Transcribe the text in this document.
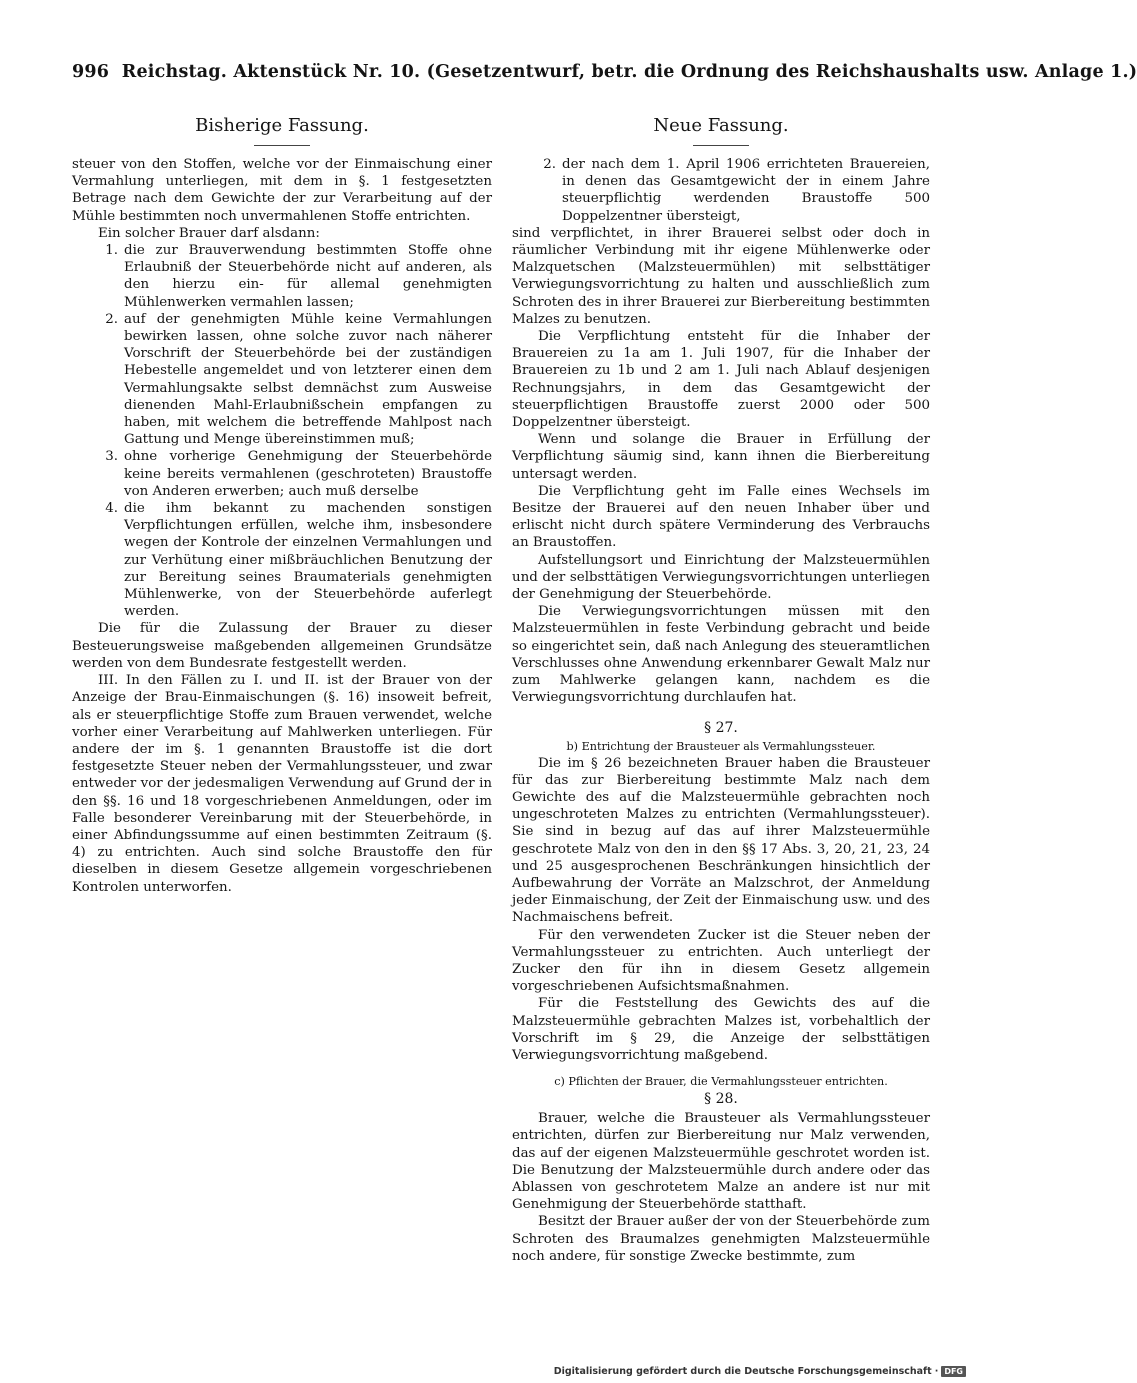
996 Reichstag. Aktenstück Nr. 10. (Gesetzentwurf, betr. die Ordnung des Reichshaushalts usw. Anlage 1.)
Bisherige Fassung.

steuer von den Stoffen, welche vor der Einmaischung einer Vermahlung unterliegen, mit dem in §. 1 festgesetzten Betrage nach dem Gewichte der zur Verarbeitung auf der Mühle bestimmten noch unvermahlenen Stoffe entrichten.

Ein solcher Brauer darf alsdann:

1. die zur Brauverwendung bestimmten Stoffe ohne Erlaubniß der Steuerbehörde nicht auf anderen, als den hierzu ein- für allemal genehmigten Mühlenwerken vermahlen lassen;
2. auf der genehmigten Mühle keine Vermahlungen bewirken lassen, ohne solche zuvor nach näherer Vorschrift der Steuerbehörde bei der zuständigen Hebestelle angemeldet und von letzterer einen dem Vermahlungsakte selbst demnächst zum Ausweise dienenden Mahl-Erlaubnißschein empfangen zu haben, mit welchem die betreffende Mahlpost nach Gattung und Menge übereinstimmen muß;
3. ohne vorherige Genehmigung der Steuerbehörde keine bereits vermahlenen (geschroteten) Braustoffe von Anderen erwerben; auch muß derselbe
4. die ihm bekannt zu machenden sonstigen Verpflichtungen erfüllen, welche ihm, insbesondere wegen der Kontrole der einzelnen Vermahlungen und zur Verhütung einer mißbräuchlichen Benutzung der zur Bereitung seines Braumaterials genehmigten Mühlenwerke, von der Steuerbehörde auferlegt werden.

Die für die Zulassung der Brauer zu dieser Besteuerungsweise maßgebenden allgemeinen Grundsätze werden von dem Bundesrate festgestellt werden.

III. In den Fällen zu I. und II. ist der Brauer von der Anzeige der Brau-Einmaischungen (§. 16) insoweit befreit, als er steuerpflichtige Stoffe zum Brauen verwendet, welche vorher einer Verarbeitung auf Mahlwerken unterliegen. Für andere der im §. 1 genannten Braustoffe ist die dort festgesetzte Steuer neben der Vermahlungssteuer, und zwar entweder vor der jedesmaligen Verwendung auf Grund der in den §§. 16 und 18 vorgeschriebenen Anmeldungen, oder im Falle besonderer Vereinbarung mit der Steuerbehörde, in einer Abfindungssumme auf einen bestimmten Zeitraum (§. 4) zu entrichten. Auch sind solche Braustoffe den für dieselben in diesem Gesetze allgemein vorgeschriebenen Kontrolen unterworfen.

Neue Fassung.
2. der nach dem 1. April 1906 errichteten Brauereien, in denen das Gesamtgewicht der in einem Jahre steuerpflichtig werdenden Braustoffe 500 Doppelzentner übersteigt,

sind verpflichtet, in ihrer Brauerei selbst oder doch in räumlicher Verbindung mit ihr eigene Mühlenwerke oder Malzquetschen (Malzsteuermühlen) mit selbsttätiger Verwiegungsvorrichtung zu halten und ausschließlich zum Schroten des in ihrer Brauerei zur Bierbereitung bestimmten Malzes zu benutzen.

Die Verpflichtung entsteht für die Inhaber der Brauereien zu 1a am 1. Juli 1907, für die Inhaber der Brauereien zu 1b und 2 am 1. Juli nach Ablauf desjenigen Rechnungsjahrs, in dem das Gesamtgewicht der steuerpflichtigen Braustoffe zuerst 2000 oder 500 Doppelzentner übersteigt.

Wenn und solange die Brauer in Erfüllung der Verpflichtung säumig sind, kann ihnen die Bierbereitung untersagt werden.

Die Verpflichtung geht im Falle eines Wechsels im Besitze der Brauerei auf den neuen Inhaber über und erlischt nicht durch spätere Verminderung des Verbrauchs an Braustoffen.

Aufstellungsort und Einrichtung der Malzsteuermühlen und der selbsttätigen Verwiegungsvorrichtungen unterliegen der Genehmigung der Steuerbehörde.

Die Verwiegungsvorrichtungen müssen mit den Malzsteuermühlen in feste Verbindung gebracht und beide so eingerichtet sein, daß nach Anlegung des steueramtlichen Verschlusses ohne Anwendung erkennbarer Gewalt Malz nur zum Mahlwerke gelangen kann, nachdem es die Verwiegungsvorrichtung durchlaufen hat.

§ 27.
b) Entrichtung der Brausteuer als Vermahlungssteuer.

Die im § 26 bezeichneten Brauer haben die Brausteuer für das zur Bierbereitung bestimmte Malz nach dem Gewichte des auf die Malzsteuermühle gebrachten noch ungeschroteten Malzes zu entrichten (Vermahlungssteuer). Sie sind in bezug auf das auf ihrer Malzsteuermühle geschrotete Malz von den in den §§ 17 Abs. 3, 20, 21, 23, 24 und 25 ausgesprochenen Beschränkungen hinsichtlich der Aufbewahrung der Vorräte an Malzschrot, der Anmeldung jeder Einmaischung, der Zeit der Einmaischung usw. und des Nachmaischens befreit.

Für den verwendeten Zucker ist die Steuer neben der Vermahlungssteuer zu entrichten. Auch unterliegt der Zucker den für ihn in diesem Gesetz allgemein vorgeschriebenen Aufsichtsmaßnahmen.

Für die Feststellung des Gewichts des auf die Malzsteuermühle gebrachten Malzes ist, vorbehaltlich der Vorschrift im § 29, die Anzeige der selbsttätigen Verwiegungsvorrichtung maßgebend.

c) Pflichten der Brauer, die Vermahlungssteuer entrichten.
§ 28.

Brauer, welche die Brausteuer als Vermahlungssteuer entrichten, dürfen zur Bierbereitung nur Malz verwenden, das auf der eigenen Malzsteuermühle geschrotet worden ist. Die Benutzung der Malzsteuermühle durch andere oder das Ablassen von geschrotetem Malze an andere ist nur mit Genehmigung der Steuerbehörde statthaft.

Besitzt der Brauer außer der von der Steuerbehörde zum Schroten des Braumalzes genehmigten Malzsteuermühle noch andere, für sonstige Zwecke bestimmte, zum

Digitalisierung gefördert durch die Deutsche Forschungsgemeinschaft · DFG
